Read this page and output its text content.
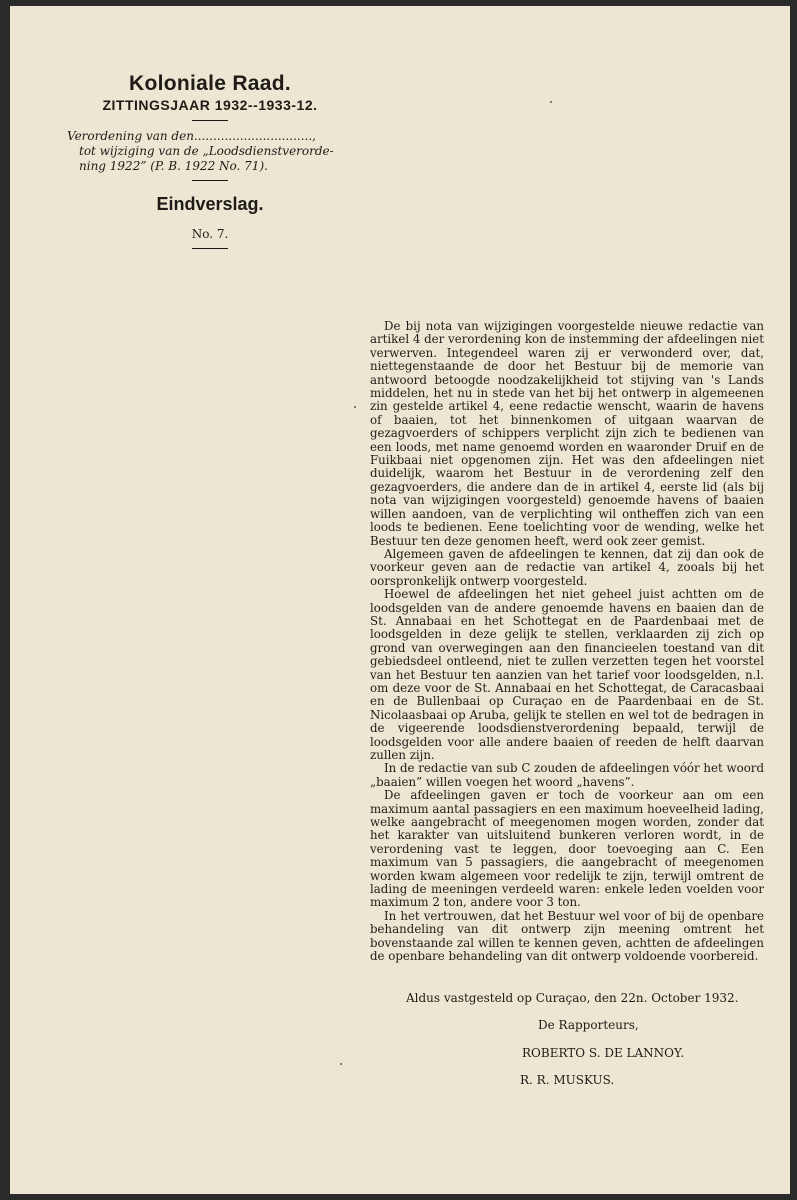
Koloniale Raad.
ZITTINGSJAAR 1932--1933-12.
Verordening van den...............................,
tot wijziging van de „Loodsdienstverorde-
ning 1922” (P. B. 1922 No. 71).
Eindverslag.
No. 7.

De bij nota van wijzigingen voorgestelde nieuwe redactie van artikel 4 der verordening kon de instemming der afdeelingen niet verwerven. Integendeel waren zij er verwonderd over, dat, niettegenstaande de door het Bestuur bij de memorie van antwoord betoogde noodzakelijkheid tot stijving van 's Lands middelen, het nu in stede van het bij het ontwerp in algemeenen zin gestelde artikel 4, eene redactie wenscht, waarin de havens of baaien, tot het binnenkomen of uitgaan waarvan de gezagvoerders of schippers verplicht zijn zich te bedienen van een loods, met name genoemd worden en waaronder Druif en de Fuikbaai niet opgenomen zijn. Het was den afdeelingen niet duidelijk, waarom het Bestuur in de verordening zelf den gezagvoerders, die andere dan de in artikel 4, eerste lid (als bij nota van wijzigingen voorgesteld) genoemde havens of baaien willen aandoen, van de verplichting wil ontheffen zich van een loods te bedienen. Eene toelichting voor de wending, welke het Bestuur ten deze genomen heeft, werd ook zeer gemist.

Algemeen gaven de afdeelingen te kennen, dat zij dan ook de voorkeur geven aan de redactie van artikel 4, zooals bij het oorspronkelijk ontwerp voorgesteld.

Hoewel de afdeelingen het niet geheel juist achtten om de loodsgelden van de andere genoemde havens en baaien dan de St. Annabaai en het Schottegat en de Paardenbaai met de loodsgelden in deze gelijk te stellen, verklaarden zij zich op grond van overwegingen aan den financieelen toestand van dit gebiedsdeel ontleend, niet te zullen verzetten tegen het voorstel van het Bestuur ten aanzien van het tarief voor loodsgelden, n.l. om deze voor de St. Annabaai en het Schottegat, de Caracasbaai en de Bullenbaai op Curaçao en de Paardenbaai en de St. Nicolaasbaai op Aruba, gelijk te stellen en wel tot de bedragen in de vigeerende loodsdienstverordening bepaald, terwijl de loodsgelden voor alle andere baaien of reeden de helft daarvan zullen zijn.

In de redactie van sub C zouden de afdeelingen vóór het woord „baaien” willen voegen het woord „havens”.

De afdeelingen gaven er toch de voorkeur aan om een maximum aantal passagiers en een maximum hoeveelheid lading, welke aangebracht of meegenomen mogen worden, zonder dat het karakter van uitsluitend bunkeren verloren wordt, in de verordening vast te leggen, door toevoeging aan C. Een maximum van 5 passagiers, die aangebracht of meegenomen worden kwam algemeen voor redelijk te zijn, terwijl omtrent de lading de meeningen verdeeld waren: enkele leden voelden voor maximum 2 ton, andere voor 3 ton.

In het vertrouwen, dat het Bestuur wel voor of bij de openbare behandeling van dit ontwerp zijn meening omtrent het bovenstaande zal willen te kennen geven, achtten de afdeelingen de openbare behandeling van dit ontwerp voldoende voorbereid.

Aldus vastgesteld op Curaçao, den 22n. October 1932.
De Rapporteurs,
ROBERTO S. DE LANNOY.
R. R. MUSKUS.
